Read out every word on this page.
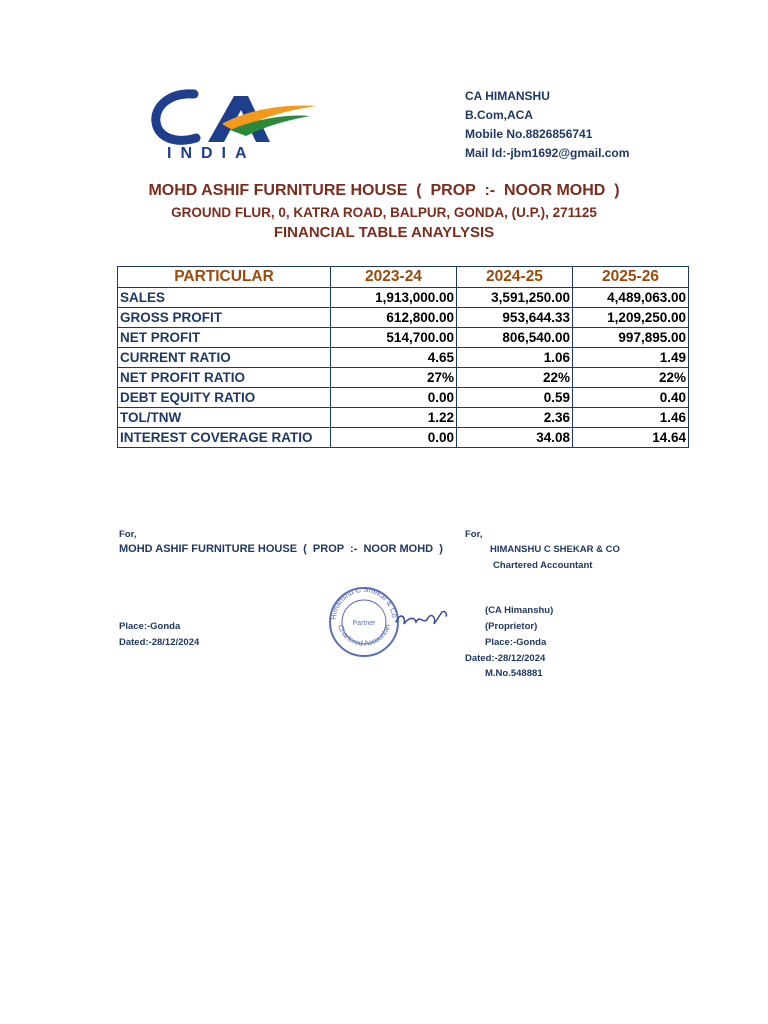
INDIA
CA HIMANSHU
B.Com,ACA
Mobile No.8826856741
Mail Id:-jbm1692@gmail.com
MOHD ASHIF FURNITURE HOUSE  (  PROP  :-  NOOR MOHD  )
GROUND FLUR, 0, KATRA ROAD, BALPUR, GONDA, (U.P.), 271125
FINANCIAL TABLE ANAYLYSIS
PARTICULAR	2023-24	2024-25	2025-26
SALES	1,913,000.00	3,591,250.00	4,489,063.00
GROSS PROFIT	612,800.00	953,644.33	1,209,250.00
NET PROFIT	514,700.00	806,540.00	997,895.00
CURRENT RATIO	4.65	1.06	1.49
NET PROFIT RATIO	27%	22%	22%
DEBT EQUITY RATIO	0.00	0.59	0.40
TOL/TNW	1.22	2.36	1.46
INTEREST COVERAGE RATIO	0.00	34.08	14.64
For,
MOHD ASHIF FURNITURE HOUSE  (  PROP  :-  NOOR MOHD  )
Place:-Gonda
Dated:-28/12/2024
For,
HIMANSHU C SHEKAR & CO
Chartered Accountant
(CA Himanshu)
(Proprietor)
Place:-Gonda
Dated:-28/12/2024
M.No.548881
Himanshu C Shekar & Co
Chartered Accountan
Partner
